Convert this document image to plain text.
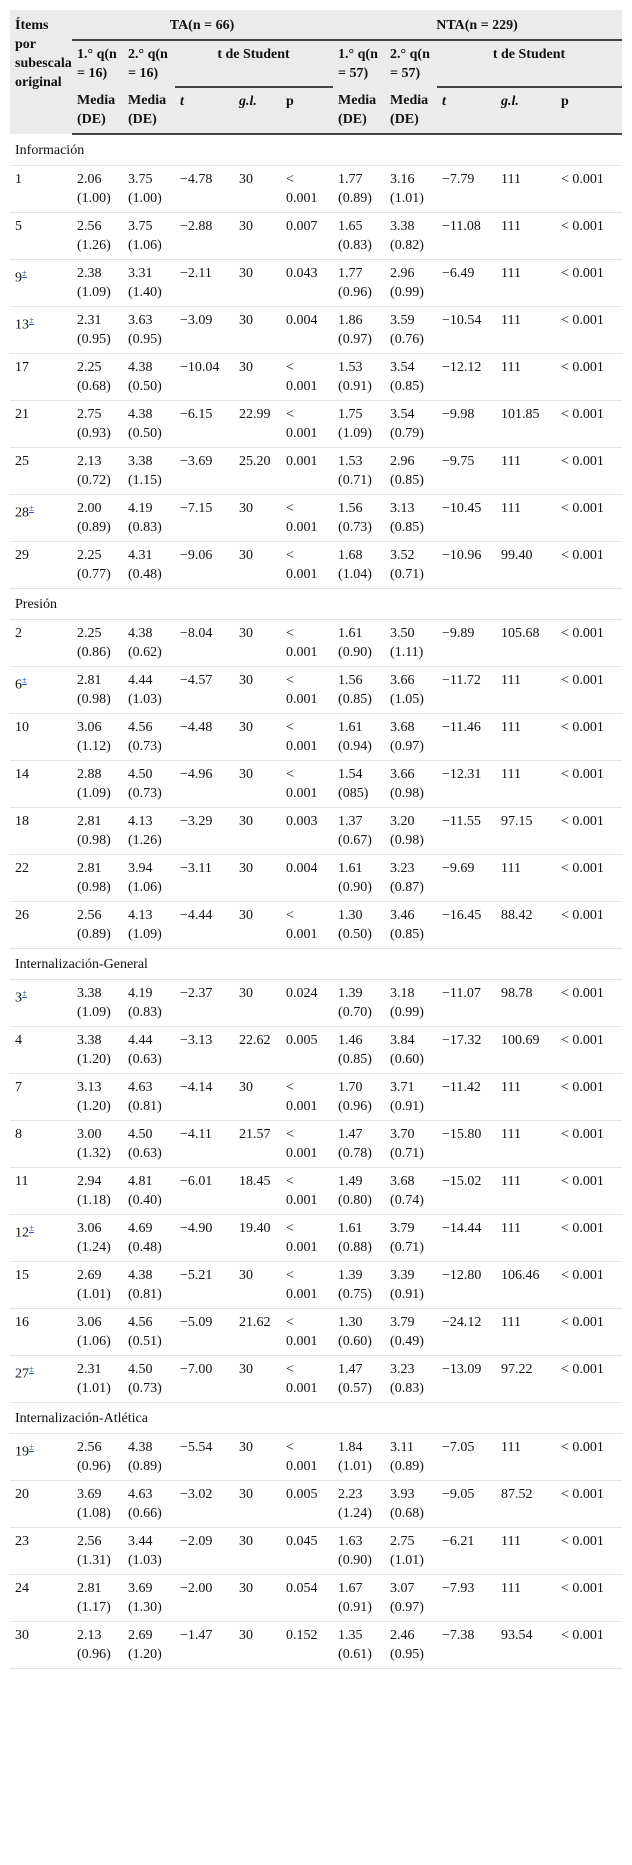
Ítems por subescala original	TA(n = 66)					NTA(n = 229)				
	1.° q(n = 16)	2.° q(n = 16)	t de Student			1.° q(n = 57)	2.° q(n = 57)	t de Student		
	Media (DE)	Media (DE)	t	g.l.	p	Media (DE)	Media (DE)	t	g.l.	p
Información										
1	2.06 (1.00)	3.75 (1.00)	−4.78	30	< 0.001	1.77 (0.89)	3.16 (1.01)	−7.79	111	< 0.001
5	2.56 (1.26)	3.75 (1.06)	−2.88	30	0.007	1.65 (0.83)	3.38 (0.82)	−11.08	111	< 0.001
9±	2.38 (1.09)	3.31 (1.40)	−2.11	30	0.043	1.77 (0.96)	2.96 (0.99)	−6.49	111	< 0.001
13±	2.31 (0.95)	3.63 (0.95)	−3.09	30	0.004	1.86 (0.97)	3.59 (0.76)	−10.54	111	< 0.001
17	2.25 (0.68)	4.38 (0.50)	−10.04	30	< 0.001	1.53 (0.91)	3.54 (0.85)	−12.12	111	< 0.001
21	2.75 (0.93)	4.38 (0.50)	−6.15	22.99	< 0.001	1.75 (1.09)	3.54 (0.79)	−9.98	101.85	< 0.001
25	2.13 (0.72)	3.38 (1.15)	−3.69	25.20	0.001	1.53 (0.71)	2.96 (0.85)	−9.75	111	< 0.001
28±	2.00 (0.89)	4.19 (0.83)	−7.15	30	< 0.001	1.56 (0.73)	3.13 (0.85)	−10.45	111	< 0.001
29	2.25 (0.77)	4.31 (0.48)	−9.06	30	< 0.001	1.68 (1.04)	3.52 (0.71)	−10.96	99.40	< 0.001
Presión										
2	2.25 (0.86)	4.38 (0.62)	−8.04	30	< 0.001	1.61 (0.90)	3.50 (1.11)	−9.89	105.68	< 0.001
6±	2.81 (0.98)	4.44 (1.03)	−4.57	30	< 0.001	1.56 (0.85)	3.66 (1.05)	−11.72	111	< 0.001
10	3.06 (1.12)	4.56 (0.73)	−4.48	30	< 0.001	1.61 (0.94)	3.68 (0.97)	−11.46	111	< 0.001
14	2.88 (1.09)	4.50 (0.73)	−4.96	30	< 0.001	1.54 (085)	3.66 (0.98)	−12.31	111	< 0.001
18	2.81 (0.98)	4.13 (1.26)	−3.29	30	0.003	1.37 (0.67)	3.20 (0.98)	−11.55	97.15	< 0.001
22	2.81 (0.98)	3.94 (1.06)	−3.11	30	0.004	1.61 (0.90)	3.23 (0.87)	−9.69	111	< 0.001
26	2.56 (0.89)	4.13 (1.09)	−4.44	30	< 0.001	1.30 (0.50)	3.46 (0.85)	−16.45	88.42	< 0.001
Internalización-General										
3±	3.38 (1.09)	4.19 (0.83)	−2.37	30	0.024	1.39 (0.70)	3.18 (0.99)	−11.07	98.78	< 0.001
4	3.38 (1.20)	4.44 (0.63)	−3.13	22.62	0.005	1.46 (0.85)	3.84 (0.60)	−17.32	100.69	< 0.001
7	3.13 (1.20)	4.63 (0.81)	−4.14	30	< 0.001	1.70 (0.96)	3.71 (0.91)	−11.42	111	< 0.001
8	3.00 (1.32)	4.50 (0.63)	−4.11	21.57	< 0.001	1.47 (0.78)	3.70 (0.71)	−15.80	111	< 0.001
11	2.94 (1.18)	4.81 (0.40)	−6.01	18.45	< 0.001	1.49 (0.80)	3.68 (0.74)	−15.02	111	< 0.001
12±	3.06 (1.24)	4.69 (0.48)	−4.90	19.40	< 0.001	1.61 (0.88)	3.79 (0.71)	−14.44	111	< 0.001
15	2.69 (1.01)	4.38 (0.81)	−5.21	30	< 0.001	1.39 (0.75)	3.39 (0.91)	−12.80	106.46	< 0.001
16	3.06 (1.06)	4.56 (0.51)	−5.09	21.62	< 0.001	1.30 (0.60)	3.79 (0.49)	−24.12	111	< 0.001
27±	2.31 (1.01)	4.50 (0.73)	−7.00	30	< 0.001	1.47 (0.57)	3.23 (0.83)	−13.09	97.22	< 0.001
Internalización-Atlética										
19±	2.56 (0.96)	4.38 (0.89)	−5.54	30	< 0.001	1.84 (1.01)	3.11 (0.89)	−7.05	111	< 0.001
20	3.69 (1.08)	4.63 (0.66)	−3.02	30	0.005	2.23 (1.24)	3.93 (0.68)	−9.05	87.52	< 0.001
23	2.56 (1.31)	3.44 (1.03)	−2.09	30	0.045	1.63 (0.90)	2.75 (1.01)	−6.21	111	< 0.001
24	2.81 (1.17)	3.69 (1.30)	−2.00	30	0.054	1.67 (0.91)	3.07 (0.97)	−7.93	111	< 0.001
30	2.13 (0.96)	2.69 (1.20)	−1.47	30	0.152	1.35 (0.61)	2.46 (0.95)	−7.38	93.54	< 0.001
